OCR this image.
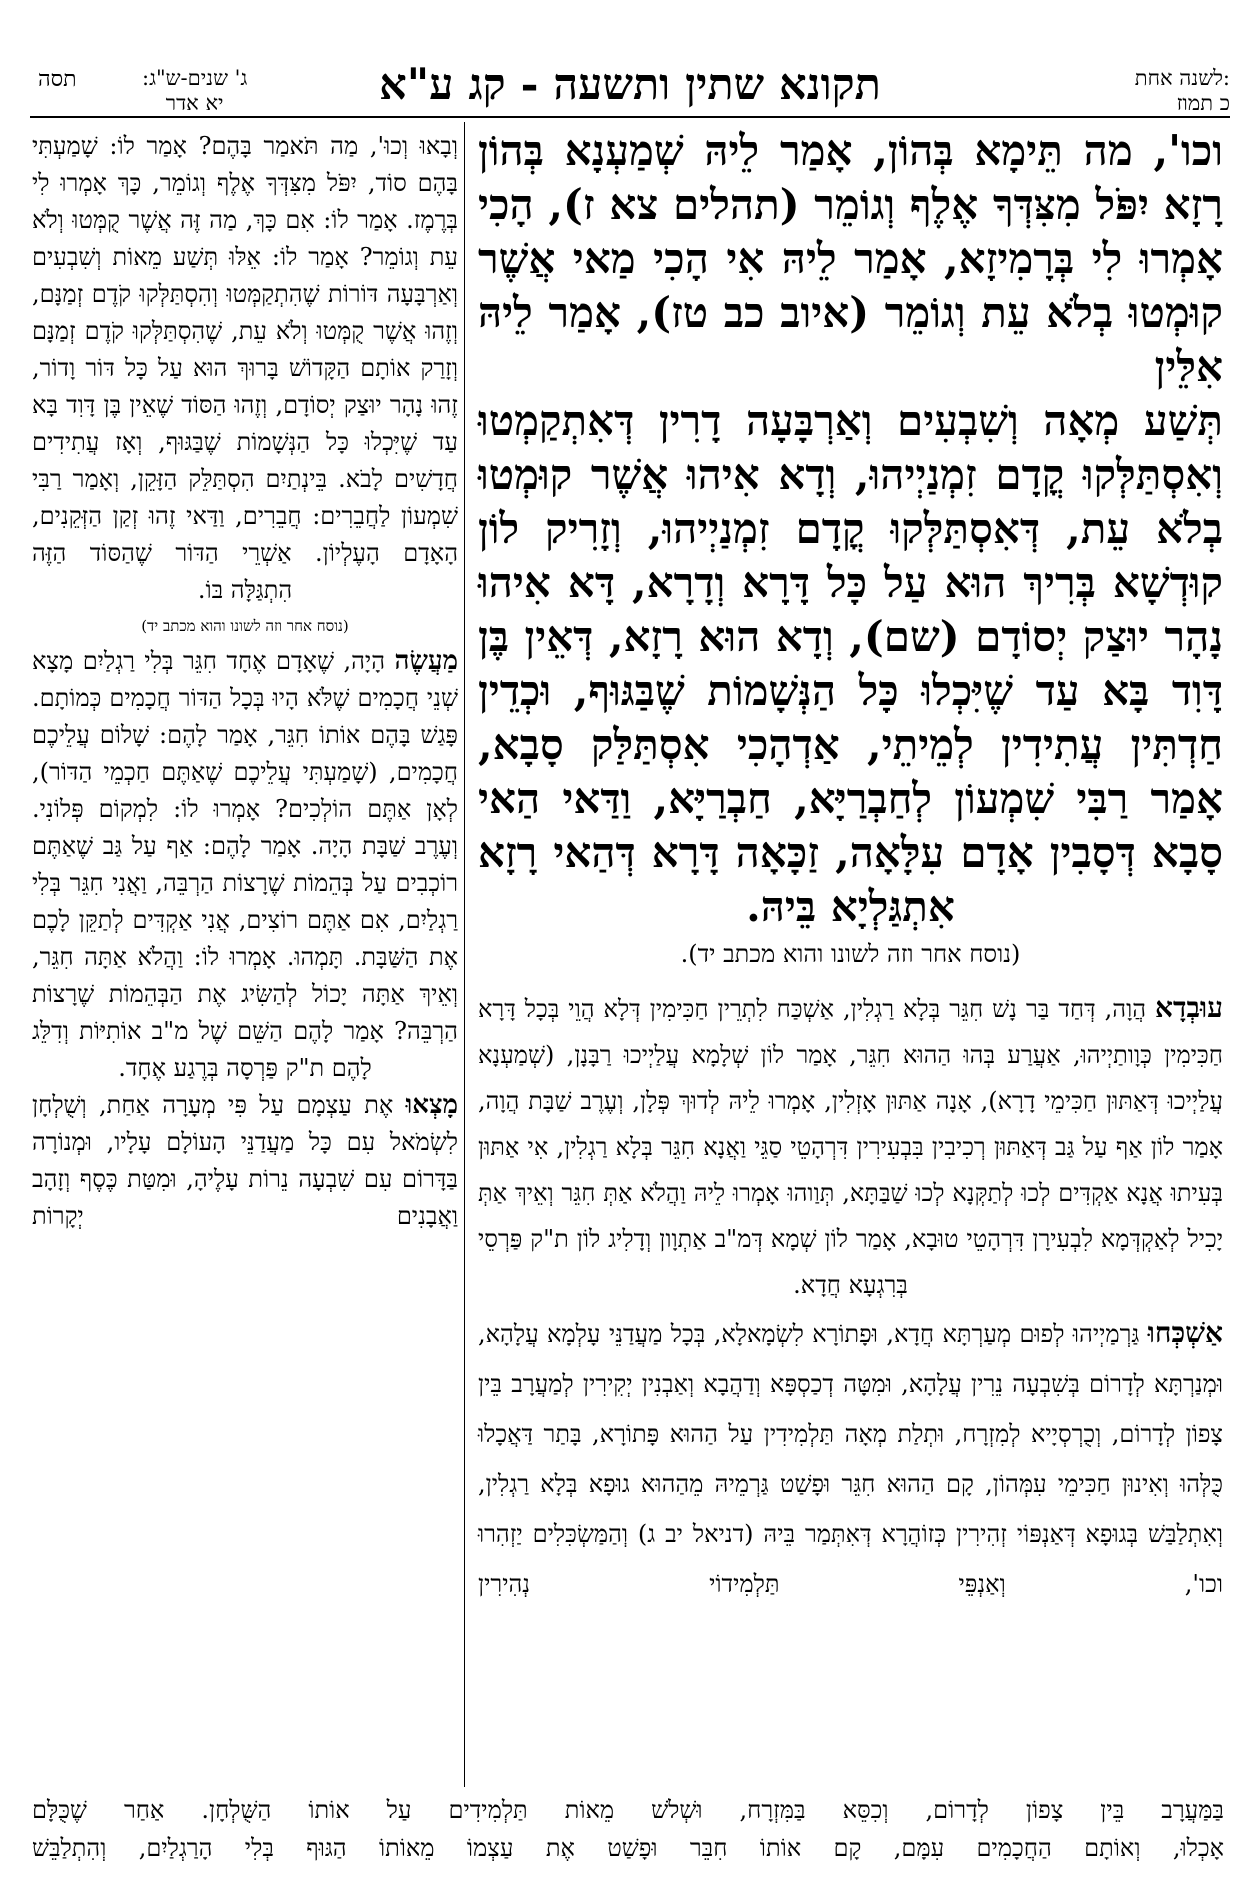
לשנה אחת:
כ תמוז
תקונא שתין ותשעה - קג ע"א
ג' שנים-ש"ג:
יא אדר
תסה

וכו', מה תֵּימָא בְּהוֹן, אָמַר לֵיהּ שְׁמַעְנָא בְּהוֹן

רָזָא יִפֹּל מִצִּדְּךָ אֶלֶף וְגוֹמֵר (תהלים צא ז), הָכִי

אָמְרוּ לִי בְּרָמִיזָא, אָמַר לֵיהּ אִי הָכִי מַאי אֲשֶׁר

קוּמְטוּ בְלֹא עֵת וְגוֹמֵר (איוב כב טז), אָמַר לֵיהּ אִלֵּין

תְּשַׁע מְאָה וְשִׁבְעִים וְאַרְבָּעָה דָרִין דְּאִתְקַמְטוּ

וְאִסְתַּלְּקוּ קֳדָם זִמְנַיְיהוּ, וְדָא אִיהוּ אֲשֶׁר קוּמְטוּ

בְלֹא עֵת, דְּאִסְתַּלְּקוּ קֳדָם זִמְנַיְיהוּ, וְזָרִיק לוֹן

קוּדְשָׁא בְּרִיךְ הוּא עַל כָּל דָּרָא וְדָרָא, דָּא אִיהוּ

נָהָר יוּצַק יְסוֹדָם (שם), וְדָא הוּא רָזָא, דְּאֵין בֶּן

דָּוִד בָּא עַד שֶׁיִּכְלוּ כָּל הַנְּשָׁמוֹת שֶׁבַּגּוּף, וּכְדֵין

חַדְתִּין עֲתִידִין לְמֵיתֵי, אַדְהָכִי אִסְתַּלַּק סָבָא,

אָמַר רַבִּי שִׁמְעוֹן לְחַבְרַיָּא, חַבְרַיָּא, וַדַּאי הַאי

סָבָא דְּסָבִין אָדָם עִלָּאָה, זַכָּאָה דָּרָא דְּהַאי רָזָא

אִתְגַּלְיָא בֵּיהּ.

(נוסח אחר וזה לשונו והוא מכתב יד).

עוּבְדָא הֲוָה, דְּחַד בַּר נָשׁ חִגֵּר בְּלָא רַגְלִין, אַשְׁכַּח לִתְרֵין חַכִּימִין דְּלָא הֲוֵי בְּכָל דָּרָא חַכִּימִין כְּוָותַיְיהוּ, אַעֲרַע בְּהוּ הַהוּא חִגֵּר, אָמַר לוֹן שְׁלָמָא עֲלַיְיכוּ רַבָּנָן, (שְׁמַעְנָא עֲלַיְיכוּ דְּאַתּוּן חַכִּימֵי דָרָא), אָנָה אַתּוּן אָזְלִין, אָמְרוּ לֵיהּ לְדוּךְ פְּלָן, וְעֶרֶב שַׁבָּת הֲוָה, אָמַר לוֹן אַף עַל גַּב דְּאַתּוּן רְכִיבִין בִּבְעִירִין דִּרְהָטֵי סַגֵּי וַאֲנָא חִגֵּר בְּלָא רַגְלִין, אִי אַתּוּן בְּעִיתוּ אֲנָא אַקְדִּים לְכוּ לְתַקְּנָא לְכוּ שַׁבַּתָּא, תְּוַוהוּ אָמְרוּ לֵיהּ וַהֲלֹא אַתְּ חִגֵּר וְאֵיךְ אַתְּ יָכִיל לְאַקְדְּמָא לִבְעִירָן דִּרְהָטֵי טוּבָא, אָמַר לוֹן שְׁמָא דְּמ"ב אַתְוָון וְדָלִיג לוֹן ת"ק פַּרְסֵי

בְּרִגְעָא חֲדָא.

אַשְׁכְּחוּ גַּרְמַיְיהוּ לְפוּם מְעַרְתָּא חֲדָא, וּפָתוֹרָא לִשְׂמָאלָא, בְּכָל מַעֲדַנֵּי עָלְמָא עֲלָהָא, וּמְנַרְתָּא לְדָרוֹם בְּשִׁבְעָה נֵרִין עֲלָהָא, וּמִטָּה דְכַסְפָּא וְדַהֲבָא וְאַבְנִין יְקִירִין לְמַעֲרָב בֵּין צָפוֹן לְדָרוֹם, וְכֻרְסְיָיא לְמִזְרָח, וּתְלַת מְאָה תַּלְמִידִין עַל הַהוּא פָּתוֹרָא, בָּתַר דַּאֲכָלוּ כֻּלְּהוּ וְאִינוּן חַכִּימֵי עִמְּהוֹן, קָם הַהוּא חִגֵּר וּפָשַׁט גַּרְמֵיהּ מֵהַהוּא גוּפָא בְּלָא רַגְלִין, וְאִתְלַבַּשׁ בְּגוּפָא דְּאַנְפּוֹי זְהִירִין כְּזוֹהֲרָא דְּאִתְּמַר בֵּיהּ (דניאל יב ג) וְהַמַּשְׂכִּלִים יַזְהִרוּ וכו', וְאַנְפֵּי תַּלְמִידוֹי נְהִירִין

וְבָאוּ וְכוּ', מַה תֹּאמַר בָּהֶם? אָמַר לוֹ: שָׁמַעְתִּי בָּהֶם סוֹד, יִפֹּל מִצִּדְּךָ אֶלֶף וְגוֹמֵר, כָּךְ אָמְרוּ לִי בְּרֶמֶז. אָמַר לוֹ: אִם כָּךְ, מַה זֶּה אֲשֶׁר קֻמְּטוּ וְלֹא עֵת וְגוֹמֵר? אָמַר לוֹ: אֵלּוּ תְּשַׁע מֵאוֹת וְשִׁבְעִים וְאַרְבָּעָה דּוֹרוֹת שֶׁהִתְקַמְּטוּ וְהִסְתַּלְּקוּ קֹדֶם זְמַנָּם, וְזֶהוּ אֲשֶׁר קֻמְּטוּ וְלֹא עֵת, שֶׁהִסְתַּלְּקוּ קֹדֶם זְמַנָּם וְזָרַק אוֹתָם הַקָּדוֹשׁ בָּרוּךְ הוּא עַל כָּל דּוֹר וָדוֹר, זֶהוּ נָהָר יוּצַק יְסוֹדָם, וְזֶהוּ הַסּוֹד שֶׁאֵין בֶּן דָּוִד בָּא עַד שֶׁיִּכְלוּ כָּל הַנְּשָׁמוֹת שֶׁבַּגּוּף, וְאָז עֲתִידִים חֲדָשִׁים לָבֹא. בֵּינְתַיִם הִסְתַּלֵּק הַזָּקֵן, וְאָמַר רַבִּי שִׁמְעוֹן לַחֲבֵרִים: חֲבֵרִים, וַדַּאי זֶהוּ זְקַן הַזְּקֵנִים, הָאָדָם הָעֶלְיוֹן. אַשְׁרֵי הַדּוֹר שֶׁהַסּוֹד הַזֶּה

הִתְגַּלָּה בּוֹ.

(נוסח אחר וזה לשונו והוא מכתב יד)

מַעֲשֶׂה הָיָה, שֶׁאָדָם אֶחָד חִגֵּר בְּלִי רַגְלַיִם מָצָא שְׁנֵי חֲכָמִים שֶׁלֹּא הָיוּ בְּכָל הַדּוֹר חֲכָמִים כְּמוֹתָם. פָּגַשׁ בָּהֶם אוֹתוֹ חִגֵּר, אָמַר לָהֶם: שָׁלוֹם עֲלֵיכֶם חֲכָמִים, (שָׁמַעְתִּי עֲלֵיכֶם שֶׁאַתֶּם חַכְמֵי הַדּוֹר), לְאָן אַתֶּם הוֹלְכִים? אָמְרוּ לוֹ: לִמְקוֹם פְּלוֹנִי. וְעֶרֶב שַׁבָּת הָיָה. אָמַר לָהֶם: אַף עַל גַּב שֶׁאַתֶּם רוֹכְבִים עַל בְּהֵמוֹת שֶׁרָצוֹת הַרְבֵּה, וַאֲנִי חִגֵּר בְּלִי רַגְלַיִם, אִם אַתֶּם רוֹצִים, אֲנִי אַקְדִּים לְתַקֵּן לָכֶם אֶת הַשַּׁבָּת. תָּמְהוּ. אָמְרוּ לוֹ: וַהֲלֹא אַתָּה חִגֵּר, וְאֵיךְ אַתָּה יָכוֹל לְהַשִּׂיג אֶת הַבְּהֵמוֹת שֶׁרָצוֹת הַרְבֵּה? אָמַר לָהֶם הַשֵּׁם שֶׁל מ"ב אוֹתִיּוֹת וְדִלֵּג

לָהֶם ת"ק פַּרְסָה בְּרֶגַע אֶחָד.

מָצְאוּ אֶת עַצְמָם עַל פִּי מְעָרָה אַחַת, וְשֻׁלְחָן לִשְׂמֹאל עִם כָּל מַעֲדַנֵּי הָעוֹלָם עָלָיו, וּמְנוֹרָה בַּדָּרוֹם עִם שִׁבְעָה נֵרוֹת עָלֶיהָ, וּמִטַּת כֶּסֶף וְזָהָב וַאֲבָנִים יְקָרוֹת

בַּמַּעֲרָב בֵּין צָפוֹן לְדָרוֹם, וְכִסֵּא בַּמִּזְרָח, וּשְׁלֹשׁ מֵאוֹת תַּלְמִידִים עַל אוֹתוֹ הַשֻּׁלְחָן. אַחַר שֶׁכֻּלָּם
אָכְלוּ, וְאוֹתָם הַחֲכָמִים עִמָּם, קָם אוֹתוֹ חִבֵּר וּפָשַׁט אֶת עַצְמוֹ מֵאוֹתוֹ הַגּוּף בְּלִי הָרַגְלַיִם, וְהִתְלַבֵּשׁ
